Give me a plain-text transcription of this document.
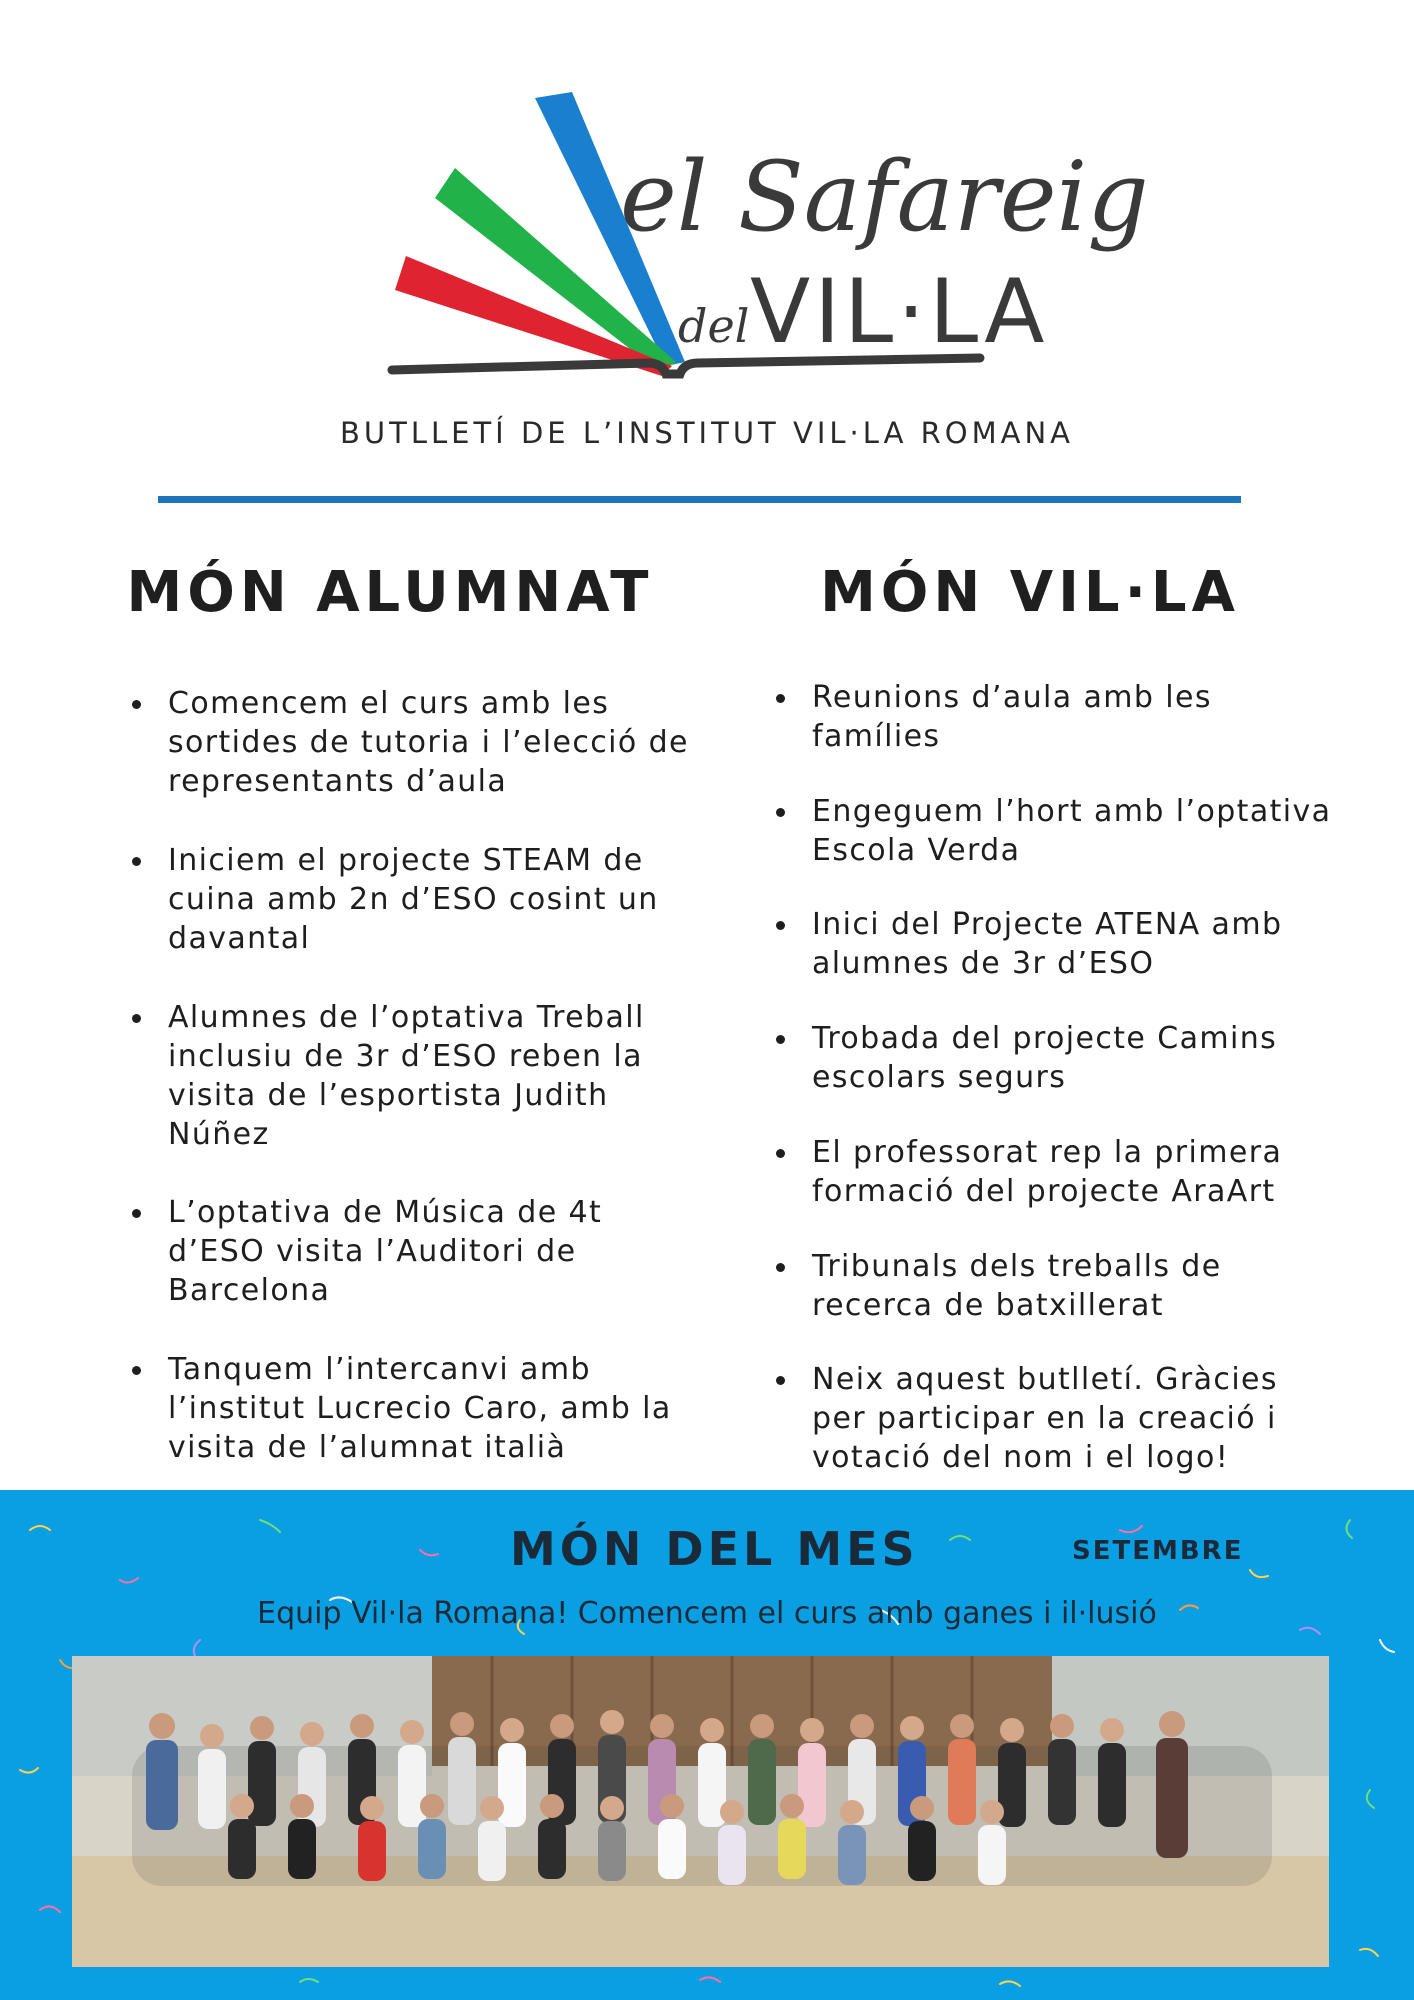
el Safareig
del VIL·LA
BUTLLETÍ DE L’INSTITUT VIL·LA ROMANA
MÓN ALUMNAT	MÓN VIL·LA
Comencem el curs amb les sortides de tutoria i l’elecció de representants d’aula
Iniciem el projecte STEAM de cuina amb 2n d’ESO cosint un davantal
Alumnes de l’optativa Treball inclusiu de 3r d’ESO reben la visita de l’esportista Judith Núñez
L’optativa de Música de 4t d’ESO visita l’Auditori de Barcelona
Tanquem l’intercanvi amb l’institut Lucrecio Caro, amb la visita de l’alumnat italià
Reunions d’aula amb les famílies
Engeguem l’hort amb l’optativa Escola Verda
Inici del Projecte ATENA amb alumnes de 3r d’ESO
Trobada del projecte Camins escolars segurs
El professorat rep la primera formació del projecte AraArt
Tribunals dels treballs de recerca de batxillerat
Neix aquest butlletí. Gràcies per participar en la creació i votació del nom i el logo!
MÓN DEL MES	SETEMBRE
Equip Vil·la Romana! Comencem el curs amb ganes i il·lusió
